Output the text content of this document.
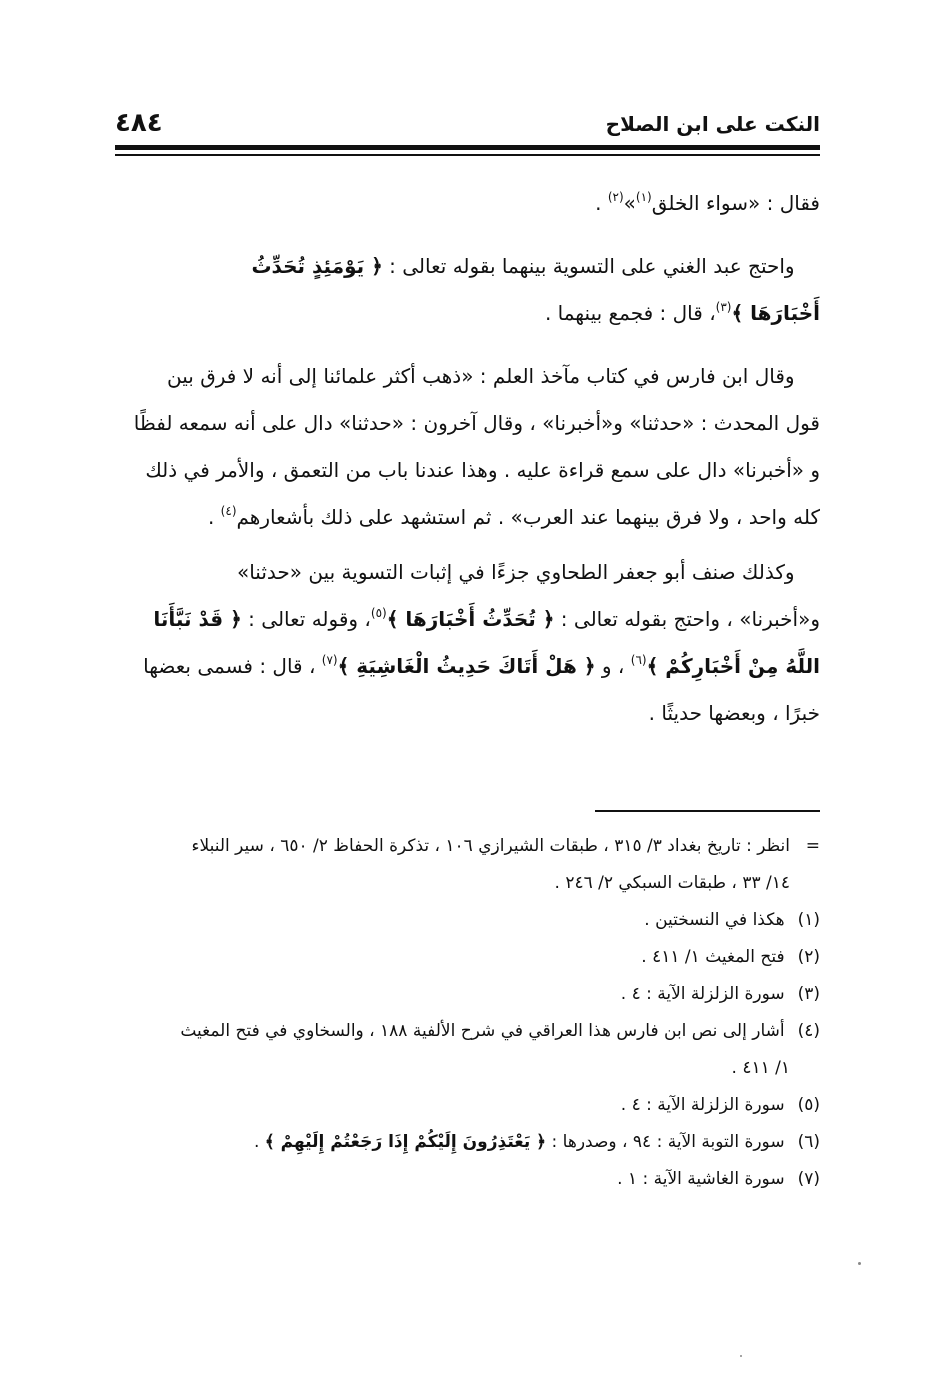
النكت على ابن الصلاح
٤٨٤
فقال : «سواء الخلق$^{(١)}$»$^{(٢)}$ .
واحتج عبد الغني على التسوية بينهما بقوله تعالى : ﴿ يَوْمَئِذٍ تُحَدِّثُ
أَخْبَارَهَا ﴾$^{(٣)}$، قال : فجمع بينهما .
وقال ابن فارس في كتاب مآخذ العلم : «ذهب أكثر علمائنا إلى أنه لا فرق بين
قول المحدث : «حدثنا» و«أخبرنا» ، وقال آخرون : «حدثنا» دال على أنه سمعه لفظًا
و «أخبرنا» دال على سمع قراءة عليه . وهذا عندنا باب من التعمق ، والأمر في ذلك
كله واحد ، ولا فرق بينهما عند العرب» . ثم استشهد على ذلك بأشعارهم$^{(٤)}$ .
وكذلك صنف أبو جعفر الطحاوي جزءًا في إثبات التسوية بين «حدثنا»
و«أخبرنا» ، واحتج بقوله تعالى : ﴿ تُحَدِّثُ أَخْبَارَهَا ﴾$^{(٥)}$، وقوله تعالى : ﴿ قَدْ نَبَّأَنَا
اللَّهُ مِنْ أَخْبَارِكُمْ ﴾$^{(٦)}$ ، و ﴿ هَلْ أَتَاكَ حَدِيثُ الْغَاشِيَةِ ﴾$^{(٧)}$ ، قال : فسمى بعضها
خبرًا ، وبعضها حديثًا .
=انظر : تاريخ بغداد ٣/ ٣١٥ ، طبقات الشيرازي ١٠٦ ، تذكرة الحفاظ ٢/ ٦٥٠ ، سير النبلاء
١٤/ ٣٣ ، طبقات السبكي ٢/ ٢٤٦ .
(١) هكذا في النسختين .
(٢) فتح المغيث ١/ ٤١١ .
(٣) سورة الزلزلة الآية : ٤ .
(٤) أشار إلى نص ابن فارس هذا العراقي في شرح الألفية ١٨٨ ، والسخاوي في فتح المغيث
١/ ٤١١ .
(٥) سورة الزلزلة الآية : ٤ .
(٦) سورة التوبة الآية : ٩٤ ، وصدرها : ﴿ يَعْتَذِرُونَ إِلَيْكُمْ إِذَا رَجَعْتُمْ إِلَيْهِمْ ﴾ .
(٧) سورة الغاشية الآية : ١ .
